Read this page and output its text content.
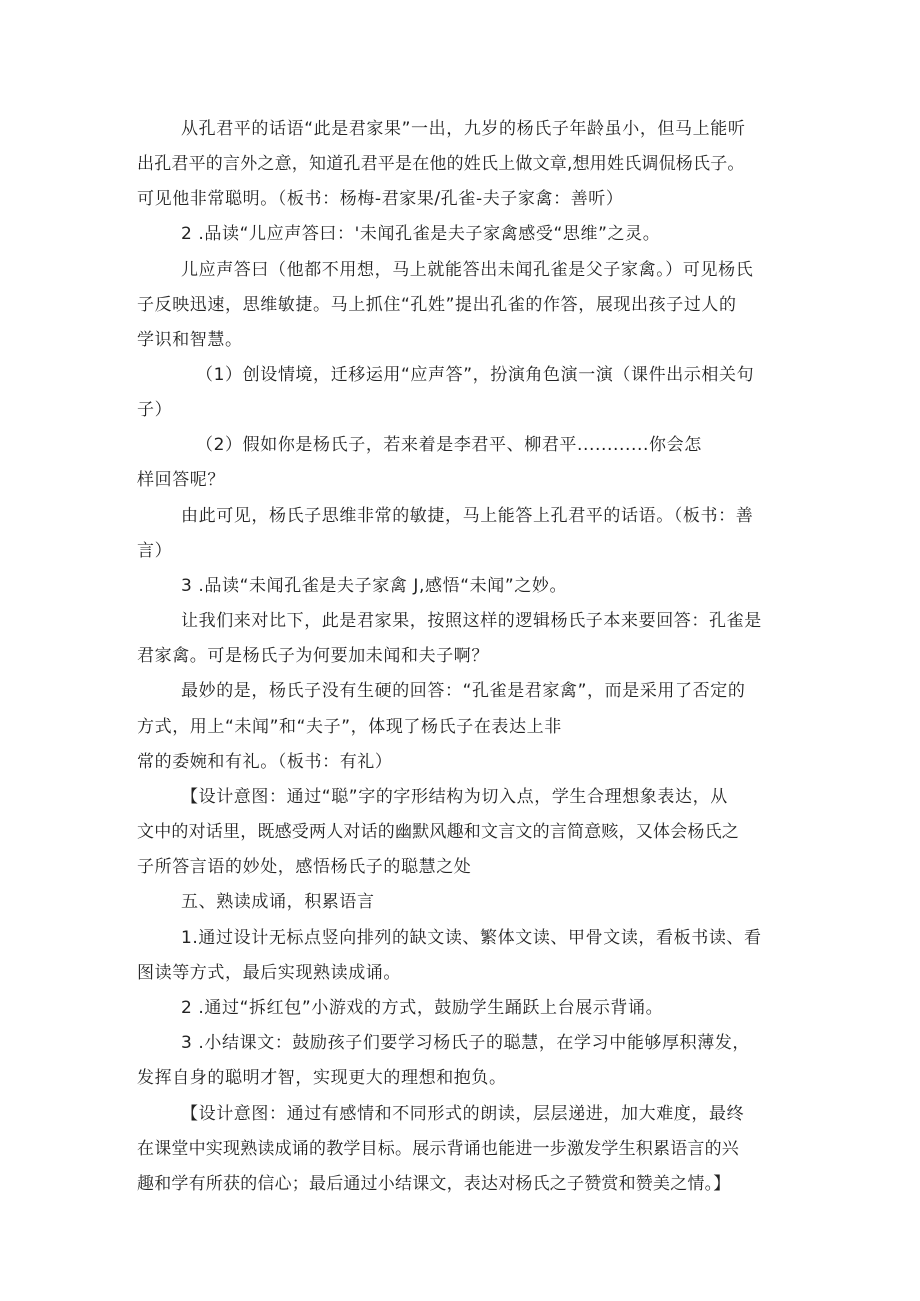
从孔君平的话语“此是君家果”一出，九岁的杨氏子年龄虽小，但马上能听
出孔君平的言外之意，知道孔君平是在他的姓氏上做文章,想用姓氏调侃杨氏子。
可见他非常聪明。（板书：杨梅-君家果/孔雀-夫子家禽：善听）
2 .品读“儿应声答曰：'未闻孔雀是夫子家禽感受“思维”之灵。
儿应声答曰（他都不用想，马上就能答出未闻孔雀是父子家禽。）可见杨氏
子反映迅速，思维敏捷。马上抓住“孔姓”提出孔雀的作答，展现出孩子过人的
学识和智慧。
（1）创设情境，迁移运用“应声答”，扮演角色演一演（课件出示相关句
子）
（2）假如你是杨氏子，若来着是李君平、柳君平............你会怎
样回答呢？
由此可见，杨氏子思维非常的敏捷，马上能答上孔君平的话语。（板书：善
言）
3 .品读“未闻孔雀是夫子家禽 J,感悟“未闻”之妙。
让我们来对比下，此是君家果，按照这样的逻辑杨氏子本来要回答：孔雀是
君家禽。可是杨氏子为何要加未闻和夫子啊？
最妙的是，杨氏子没有生硬的回答：“孔雀是君家禽”，而是采用了否定的
方式，用上“未闻”和“夫子”，体现了杨氏子在表达上非
常的委婉和有礼。（板书：有礼）
【设计意图：通过“聪”字的字形结构为切入点，学生合理想象表达，从
文中的对话里，既感受两人对话的幽默风趣和文言文的言简意赅，又体会杨氏之
子所答言语的妙处，感悟杨氏子的聪慧之处
五、熟读成诵，积累语言
1.通过设计无标点竖向排列的缺文读、繁体文读、甲骨文读，看板书读、看
图读等方式，最后实现熟读成诵。
2 .通过“拆红包”小游戏的方式，鼓励学生踊跃上台展示背诵。
3 .小结课文：鼓励孩子们要学习杨氏子的聪慧，在学习中能够厚积薄发，
发挥自身的聪明才智，实现更大的理想和抱负。
【设计意图：通过有感情和不同形式的朗读，层层递进，加大难度，最终
在课堂中实现熟读成诵的教学目标。展示背诵也能进一步激发学生积累语言的兴
趣和学有所获的信心；最后通过小结课文，表达对杨氏之子赞赏和赞美之情。】
